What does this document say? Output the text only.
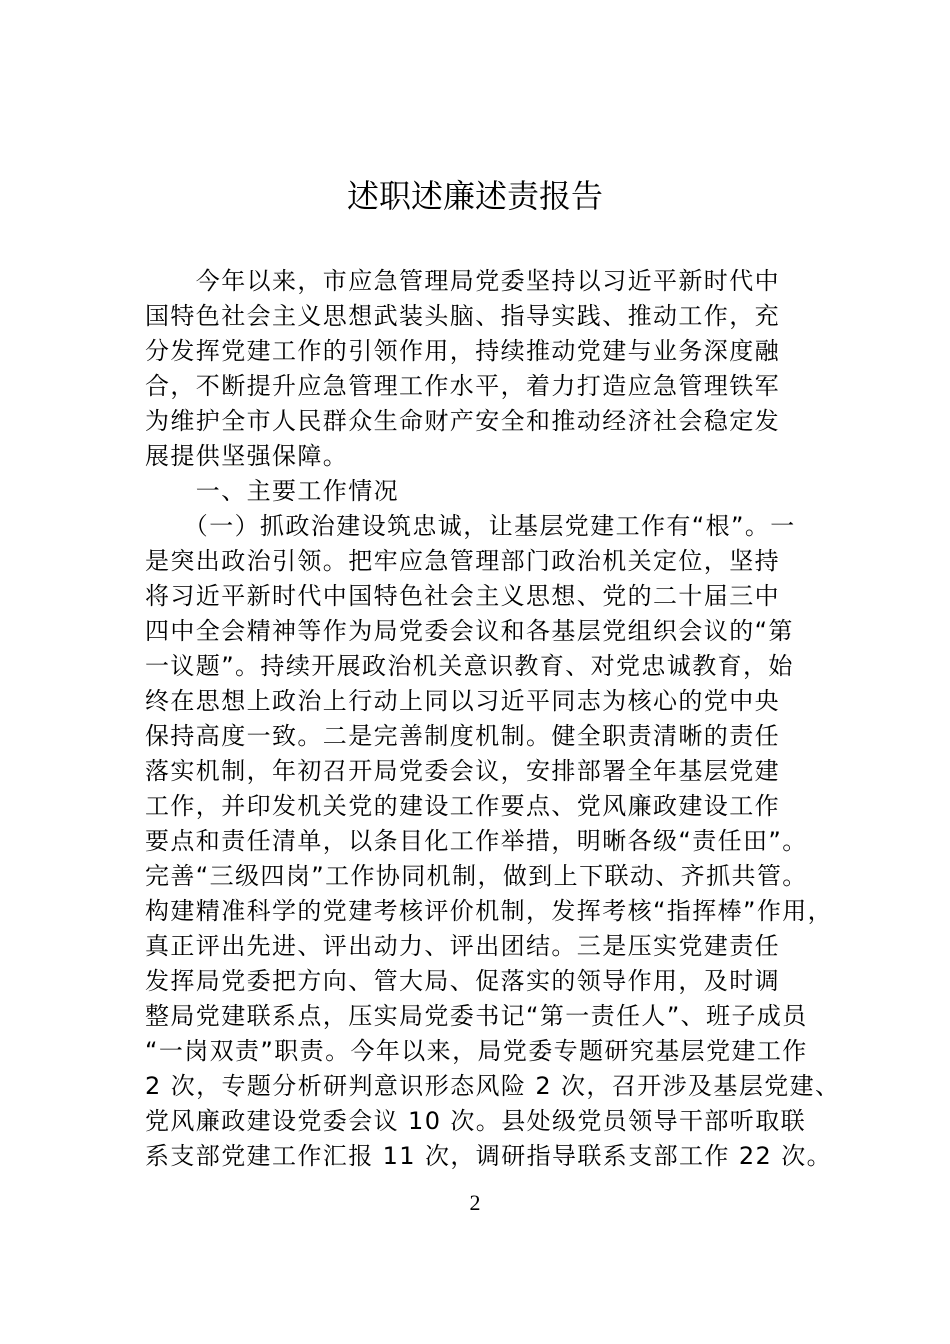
述职述廉述责报告
　　今年以来，市应急管理局党委坚持以习近平新时代中
国特色社会主义思想武装头脑、指导实践、推动工作，充
分发挥党建工作的引领作用，持续推动党建与业务深度融
合，不断提升应急管理工作水平，着力打造应急管理铁军
为维护全市人民群众生命财产安全和推动经济社会稳定发
展提供坚强保障。
　　一、主要工作情况
　　（一）抓政治建设筑忠诚，让基层党建工作有“根”。一
是突出政治引领。把牢应急管理部门政治机关定位，坚持
将习近平新时代中国特色社会主义思想、党的二十届三中
四中全会精神等作为局党委会议和各基层党组织会议的“第
一议题”。持续开展政治机关意识教育、对党忠诚教育，始
终在思想上政治上行动上同以习近平同志为核心的党中央
保持高度一致。二是完善制度机制。健全职责清晰的责任
落实机制，年初召开局党委会议，安排部署全年基层党建
工作，并印发机关党的建设工作要点、党风廉政建设工作
要点和责任清单，以条目化工作举措，明晰各级“责任田”。
完善“三级四岗”工作协同机制，做到上下联动、齐抓共管。
构建精准科学的党建考核评价机制，发挥考核“指挥棒”作用，
真正评出先进、评出动力、评出团结。三是压实党建责任
发挥局党委把方向、管大局、促落实的领导作用，及时调
整局党建联系点，压实局党委书记“第一责任人”、班子成员
“一岗双责”职责。今年以来，局党委专题研究基层党建工作
2 次，专题分析研判意识形态风险 2 次，召开涉及基层党建、
党风廉政建设党委会议 10 次。县处级党员领导干部听取联
系支部党建工作汇报 11 次，调研指导联系支部工作 22 次。
2
